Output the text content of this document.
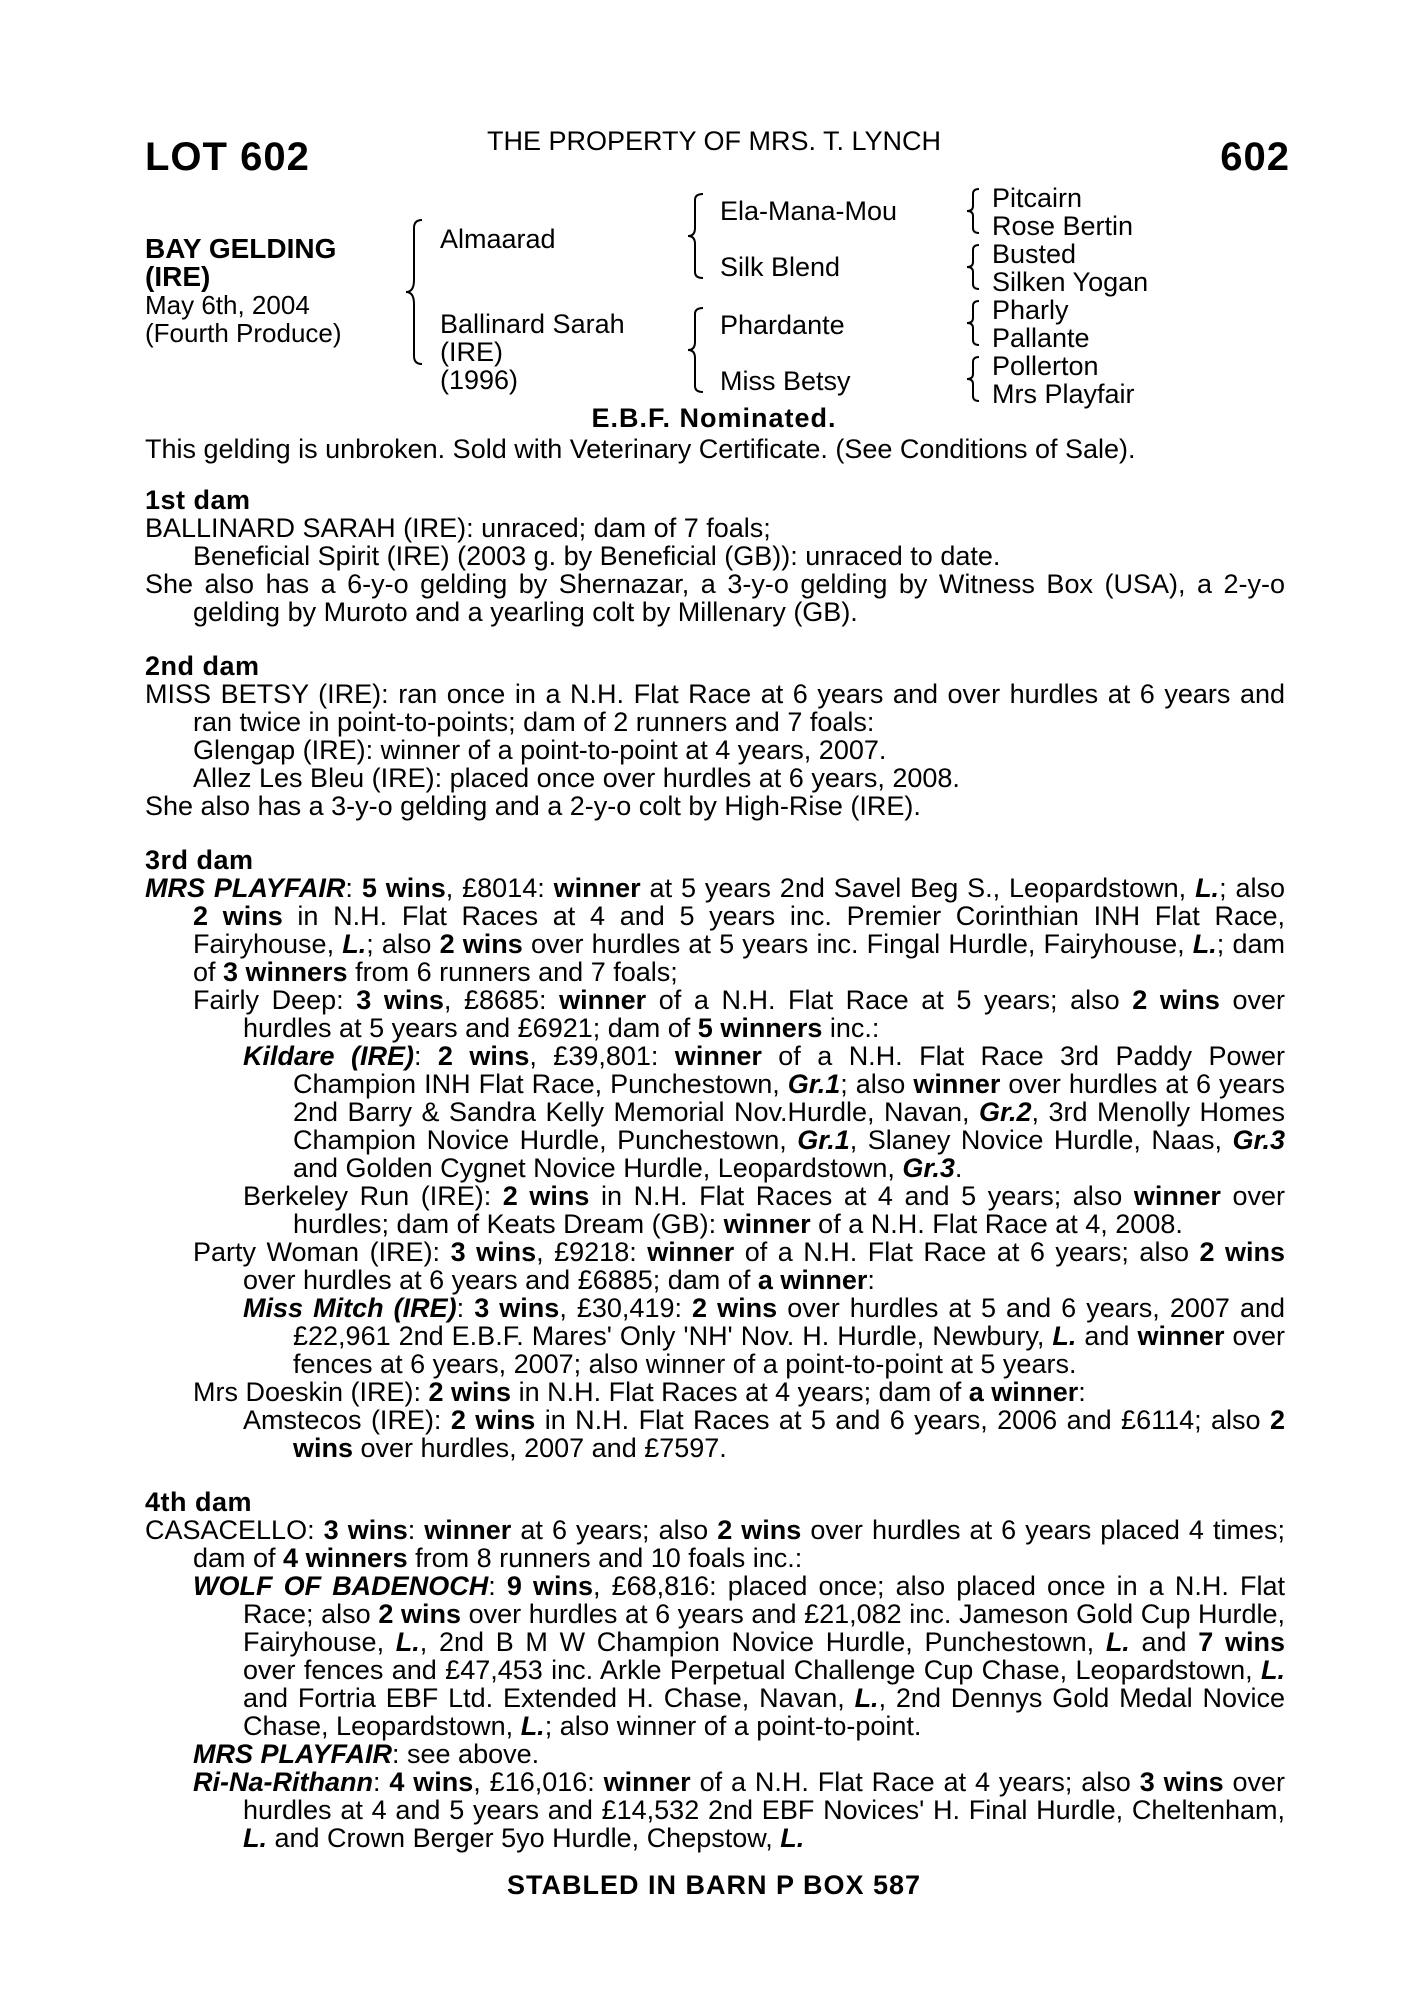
LOT 602	THE PROPERTY OF MRS. T. LYNCH	602
BAY GELDING
(IRE)
May 6th, 2004
(Fourth Produce)
Almaarad
Ballinard Sarah
(IRE)
(1996)
Ela-Mana-Mou
Silk Blend
Phardante
Miss Betsy
Pitcairn
Rose Bertin
Busted
Silken Yogan
Pharly
Pallante
Pollerton
Mrs Playfair
E.B.F. Nominated.
This gelding is unbroken. Sold with Veterinary Certificate. (See Conditions of Sale).
1st dam
BALLINARD SARAH (IRE): unraced; dam of 7 foals;
Beneficial Spirit (IRE) (2003 g. by Beneficial (GB)): unraced to date.
She also has a 6-y-o gelding by Shernazar, a 3-y-o gelding by Witness Box (USA), a 2-y-o gelding by Muroto and a yearling colt by Millenary (GB).
2nd dam
MISS BETSY (IRE): ran once in a N.H. Flat Race at 6 years and over hurdles at 6 years and ran twice in point-to-points; dam of 2 runners and 7 foals:
Glengap (IRE): winner of a point-to-point at 4 years, 2007.
Allez Les Bleu (IRE): placed once over hurdles at 6 years, 2008.
She also has a 3-y-o gelding and a 2-y-o colt by High-Rise (IRE).
3rd dam
MRS PLAYFAIR: 5 wins, £8014: winner at 5 years 2nd Savel Beg S., Leopardstown, L.; also 2 wins in N.H. Flat Races at 4 and 5 years inc. Premier Corinthian INH Flat Race, Fairyhouse, L.; also 2 wins over hurdles at 5 years inc. Fingal Hurdle, Fairyhouse, L.; dam of 3 winners from 6 runners and 7 foals;
Fairly Deep: 3 wins, £8685: winner of a N.H. Flat Race at 5 years; also 2 wins over hurdles at 5 years and £6921; dam of 5 winners inc.:
Kildare (IRE): 2 wins, £39,801: winner of a N.H. Flat Race 3rd Paddy Power Champion INH Flat Race, Punchestown, Gr.1; also winner over hurdles at 6 years 2nd Barry & Sandra Kelly Memorial Nov.Hurdle, Navan, Gr.2, 3rd Menolly Homes Champion Novice Hurdle, Punchestown, Gr.1, Slaney Novice Hurdle, Naas, Gr.3 and Golden Cygnet Novice Hurdle, Leopardstown, Gr.3.
Berkeley Run (IRE): 2 wins in N.H. Flat Races at 4 and 5 years; also winner over hurdles; dam of Keats Dream (GB): winner of a N.H. Flat Race at 4, 2008.
Party Woman (IRE): 3 wins, £9218: winner of a N.H. Flat Race at 6 years; also 2 wins over hurdles at 6 years and £6885; dam of a winner:
Miss Mitch (IRE): 3 wins, £30,419: 2 wins over hurdles at 5 and 6 years, 2007 and £22,961 2nd E.B.F. Mares' Only 'NH' Nov. H. Hurdle, Newbury, L. and winner over fences at 6 years, 2007; also winner of a point-to-point at 5 years.
Mrs Doeskin (IRE): 2 wins in N.H. Flat Races at 4 years; dam of a winner:
Amstecos (IRE): 2 wins in N.H. Flat Races at 5 and 6 years, 2006 and £6114; also 2 wins over hurdles, 2007 and £7597.
4th dam
CASACELLO: 3 wins: winner at 6 years; also 2 wins over hurdles at 6 years placed 4 times; dam of 4 winners from 8 runners and 10 foals inc.:
WOLF OF BADENOCH: 9 wins, £68,816: placed once; also placed once in a N.H. Flat Race; also 2 wins over hurdles at 6 years and £21,082 inc. Jameson Gold Cup Hurdle, Fairyhouse, L., 2nd B M W Champion Novice Hurdle, Punchestown, L. and 7 wins over fences and £47,453 inc. Arkle Perpetual Challenge Cup Chase, Leopardstown, L. and Fortria EBF Ltd. Extended H. Chase, Navan, L., 2nd Dennys Gold Medal Novice Chase, Leopardstown, L.; also winner of a point-to-point.
MRS PLAYFAIR: see above.
Ri-Na-Rithann: 4 wins, £16,016: winner of a N.H. Flat Race at 4 years; also 3 wins over hurdles at 4 and 5 years and £14,532 2nd EBF Novices' H. Final Hurdle, Cheltenham, L. and Crown Berger 5yo Hurdle, Chepstow, L.
STABLED IN BARN P BOX 587
